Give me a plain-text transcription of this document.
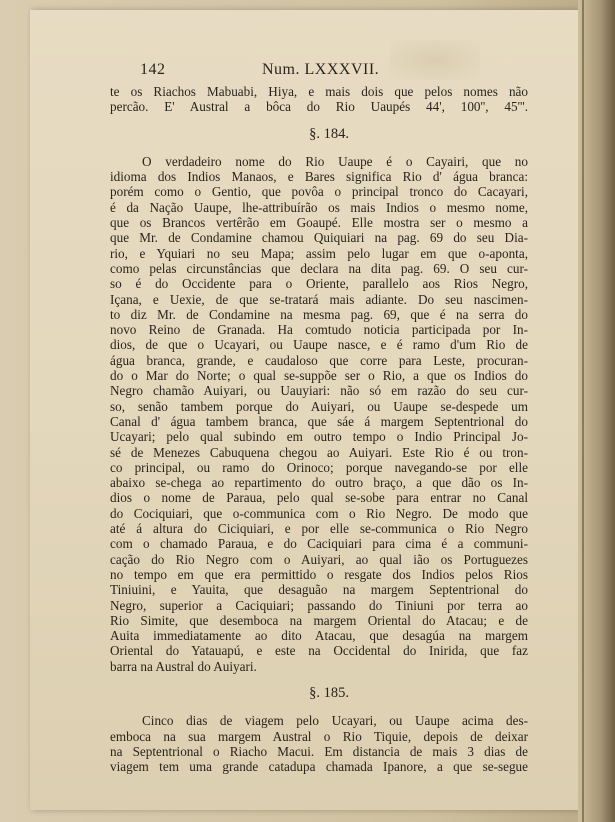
142	Num. LXXXVII.

te os Riachos Mabuabi, Hiya, e mais dois que pelos nomes não

percão. E' Austral a bôca do Rio Uaupés 44', 100'', 45'''.

§. 184.

O verdadeiro nome do Rio Uaupe é o Cayairi, que no

idioma dos Indios Manaos, e Bares significa Rio d' água branca:

porém como o Gentio, que povôa o principal tronco do Cacayari,

é da Nação Uaupe, lhe-attribuírão os mais Indios o mesmo nome,

que os Brancos vertêrão em Goaupé. Elle mostra ser o mesmo a

que Mr. de Condamine chamou Quiquiari na pag. 69 do seu Dia-

rio, e Yquiari no seu Mapa; assim pelo lugar em que o-aponta,

como pelas circunstâncias que declara na dita pag. 69. O seu cur-

so é do Occidente para o Oriente, parallelo aos Rios Negro,

Içana, e Uexie, de que se-tratará mais adiante. Do seu nascimen-

to diz Mr. de Condamine na mesma pag. 69, que é na serra do

novo Reino de Granada. Ha comtudo noticia participada por In-

dios, de que o Ucayari, ou Uaupe nasce, e é ramo d'um Rio de

água branca, grande, e caudaloso que corre para Leste, procuran-

do o Mar do Norte; o qual se-suppõe ser o Rio, a que os Indios do

Negro chamão Auiyari, ou Uauyiari: não só em razão do seu cur-

so, senão tambem porque do Auiyari, ou Uaupe se-despede um

Canal d' água tambem branca, que sáe á margem Septentrional do

Ucayari; pelo qual subindo em outro tempo o Indio Principal Jo-

sé de Menezes Cabuquena chegou ao Auiyari. Este Rio é ou tron-

co principal, ou ramo do Orinoco; porque navegando-se por elle

abaixo se-chega ao repartimento do outro braço, a que dão os In-

dios o nome de Paraua, pelo qual se-sobe para entrar no Canal

do Cociquiari, que o-communica com o Rio Negro. De modo que

até á altura do Ciciquiari, e por elle se-communica o Rio Negro

com o chamado Paraua, e do Caciquiari para cima é a communi-

cação do Rio Negro com o Auiyari, ao qual ião os Portuguezes

no tempo em que era permittido o resgate dos Indios pelos Rios

Tiniuini, e Yauita, que desaguão na margem Septentrional do

Negro, superior a Caciquiari; passando do Tiniuni por terra ao

Rio Simite, que desemboca na margem Oriental do Atacau; e de

Auita immediatamente ao dito Atacau, que desagúa na margem

Oriental do Yatauapú, e este na Occidental do Inirida, que faz

barra na Austral do Auiyari.

§. 185.

Cinco dias de viagem pelo Ucayari, ou Uaupe acima des-

emboca na sua margem Austral o Rio Tiquie, depois de deixar

na Septentrional o Riacho Macui. Em distancia de mais 3 dias de

viagem tem uma grande catadupa chamada Ipanore, a que se-segue
